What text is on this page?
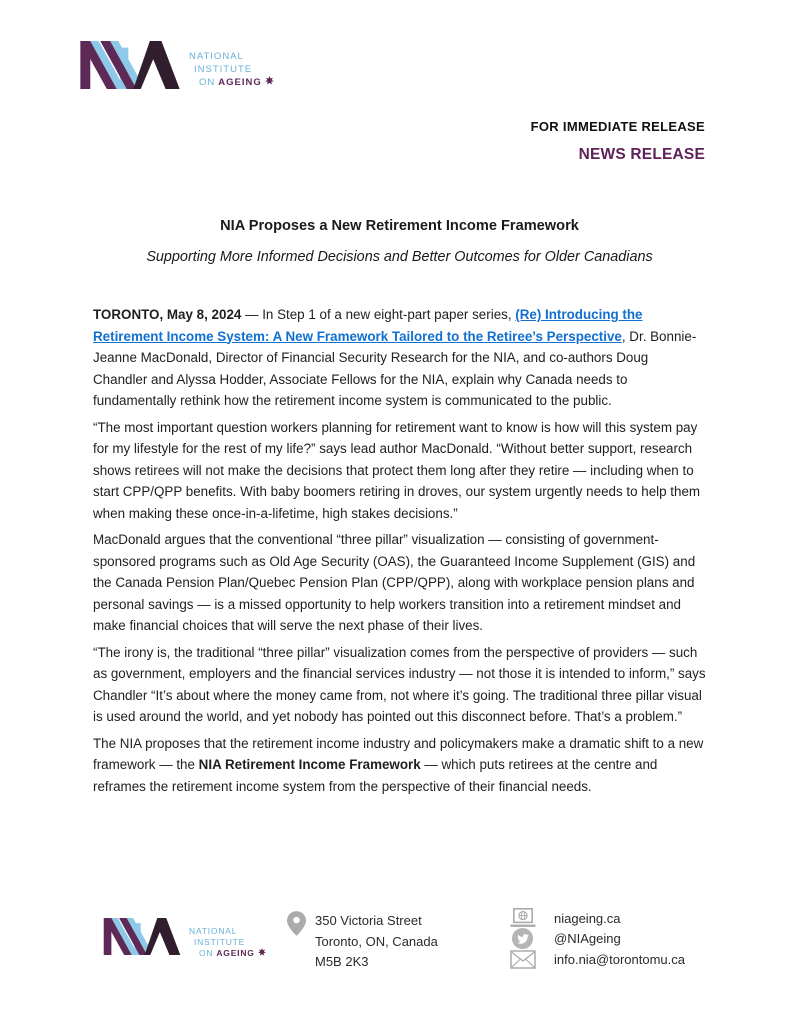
NATIONAL
INSTITUTE
ON AGEING
FOR IMMEDIATE RELEASE
NEWS RELEASE
NIA Proposes a New Retirement Income Framework
Supporting More Informed Decisions and Better Outcomes for Older Canadians

TORONTO, May 8, 2024 — In Step 1 of a new eight-part paper series, (Re) Introducing the Retirement Income System: A New Framework Tailored to the Retiree’s Perspective, Dr. Bonnie-Jeanne MacDonald, Director of Financial Security Research for the NIA, and co-authors Doug Chandler and Alyssa Hodder, Associate Fellows for the NIA, explain why Canada needs to fundamentally rethink how the retirement income system is communicated to the public.

“The most important question workers planning for retirement want to know is how will this system pay for my lifestyle for the rest of my life?” says lead author MacDonald. “Without better support, research shows retirees will not make the decisions that protect them long after they retire — including when to start CPP/QPP benefits. With baby boomers retiring in droves, our system urgently needs to help them when making these once-in-a-lifetime, high stakes decisions.”

MacDonald argues that the conventional “three pillar” visualization — consisting of government-sponsored programs such as Old Age Security (OAS), the Guaranteed Income Supplement (GIS) and the Canada Pension Plan/Quebec Pension Plan (CPP/QPP), along with workplace pension plans and personal savings — is a missed opportunity to help workers transition into a retirement mindset and make financial choices that will serve the next phase of their lives.

“The irony is, the traditional “three pillar” visualization comes from the perspective of providers — such as government, employers and the financial services industry — not those it is intended to inform,” says Chandler “It’s about where the money came from, not where it’s going. The traditional three pillar visual is used around the world, and yet nobody has pointed out this disconnect before. That’s a problem.”

The NIA proposes that the retirement income industry and policymakers make a dramatic shift to a new framework — the NIA Retirement Income Framework — which puts retirees at the centre and reframes the retirement income system from the perspective of their financial needs.

NATIONAL
INSTITUTE
ON AGEING
350 Victoria Street
Toronto, ON, Canada
M5B 2K3
niageing.ca
@NIAgeing
info.nia@torontomu.ca
